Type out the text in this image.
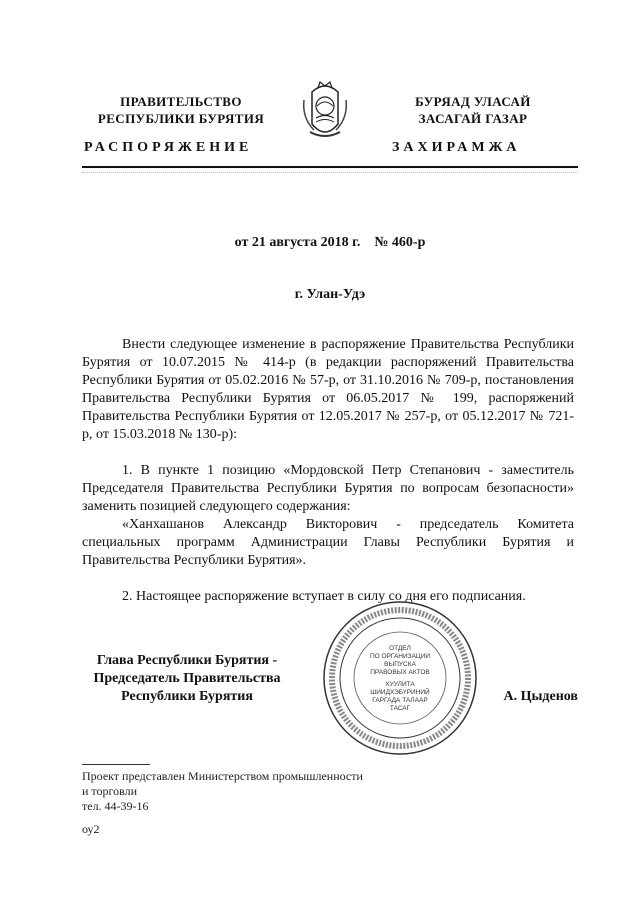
ПРАВИТЕЛЬСТВО
РЕСПУБЛИКИ БУРЯТИЯ
БУРЯАД УЛАСАЙ
ЗАСАГАЙ ГАЗАР
РАСПОРЯЖЕНИЕ	ЗАХИРАМЖА
от 21 августа 2018 г.    № 460-р
г. Улан-Удэ

Внести следующее изменение в распоряжение Правительства Республики Бурятия от 10.07.2015 № 414-р (в редакции распоряжений Правительства Республики Бурятия от 05.02.2016 № 57-р, от 31.10.2016 № 709-р, постановления Правительства Республики Бурятия от 06.05.2017 № 199, распоряжений Правительства Республики Бурятия от 12.05.2017 № 257-р, от 05.12.2017 № 721-р, от 15.03.2018 № 130-р):

1. В пункте 1 позицию «Мордовской Петр Степанович - заместитель Председателя Правительства Республики Бурятия по вопросам безопасности» заменить позицией следующего содержания:

«Ханхашанов Александр Викторович - председатель Комитета специальных программ Администрации Главы Республики Бурятия и Правительства Республики Бурятия».

2. Настоящее распоряжение вступает в силу со дня его подписания.

Глава Республики Бурятия -
Председатель Правительства
Республики Бурятия
ОТДЕЛ
ПО ОРГАНИЗАЦИИ
ВЫПУСКА
ПРАВОВЫХ АКТОВ
ХУУЛИТА
ШИИДХЭБҮРИНИЙ
ГАРГАДА ТАЛААР
ТАСАГ
А. Цыденов
Проект представлен Министерством промышленности
и торговли
тел. 44-39-16
оу2
